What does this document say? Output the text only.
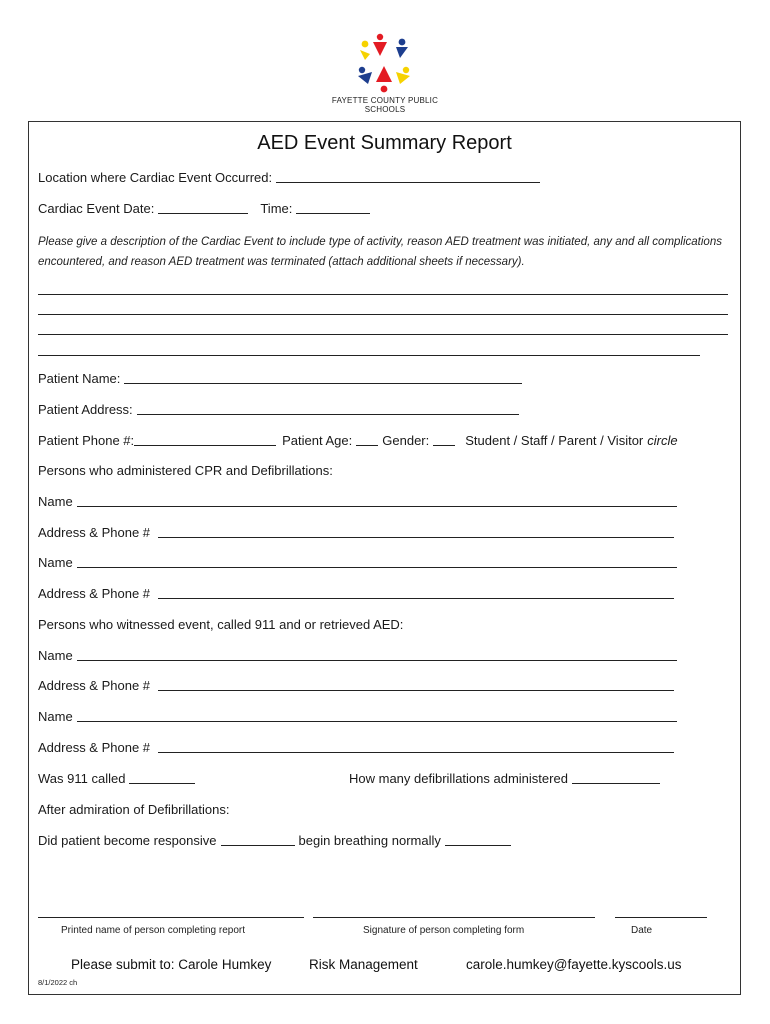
FAYETTE COUNTY PUBLIC SCHOOLS
AED Event Summary Report
Location where Cardiac Event Occurred:
Cardiac Event Date:	Time:
Please give a description of the Cardiac Event to include type of activity, reason AED treatment was initiated, any and all complications encountered, and reason AED treatment was terminated (attach additional sheets if necessary).
Patient Name:
Patient Address:
Patient Phone #:	Patient Age: Gender:	Student / Staff / Parent / Visitor circle
Persons who administered CPR and Defibrillations:
Name
Address & Phone #
Name
Address & Phone #
Persons who witnessed event, called 911 and or retrieved AED:
Name
Address & Phone #
Name
Address & Phone #
Was 911 called	How many defibrillations administered
After admiration of Defibrillations:
Did patient become responsive	begin breathing normally
Printed name of person completing report	Signature of person completing form	Date
Please submit to: Carole Humkey	Risk Management	carole.humkey@fayette.kyscools.us
8/1/2022 ch
